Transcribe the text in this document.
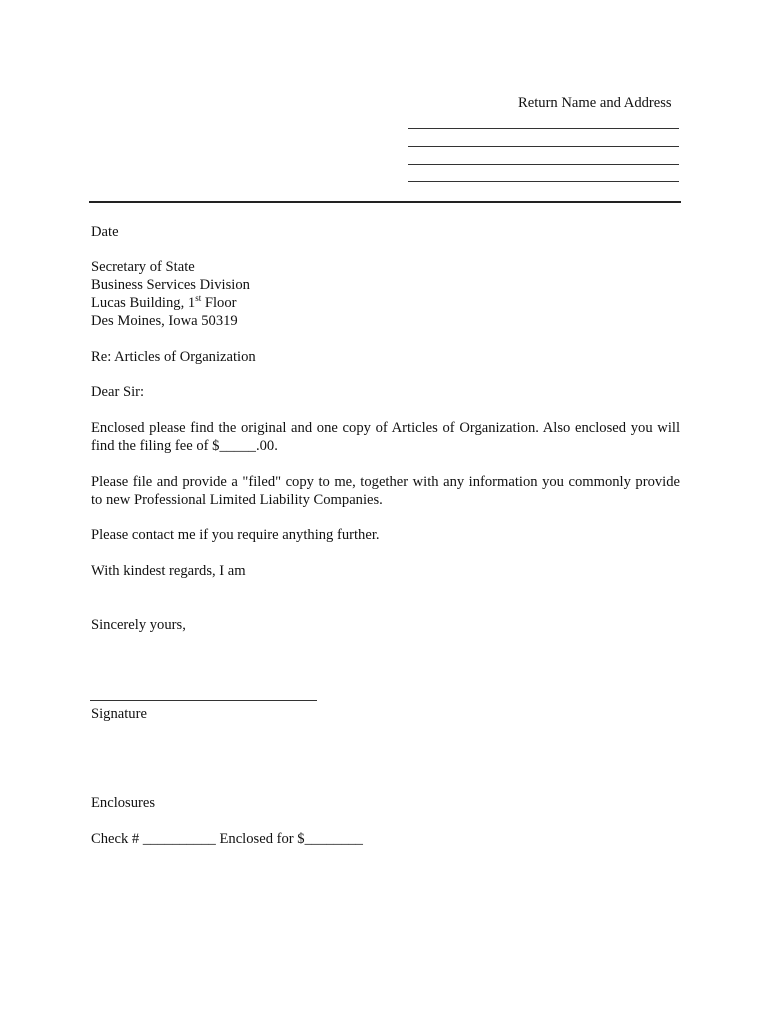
Return Name and Address
Date
Secretary of State
Business Services Division
Lucas Building, 1st Floor
Des Moines, Iowa 50319
Re: Articles of Organization
Dear Sir:
Enclosed please find the original and one copy of Articles of Organization. Also enclosed you will find the filing fee of $_____.00.
Please file and provide a "filed" copy to me, together with any information you commonly provide to new Professional Limited Liability Companies.
Please contact me if you require anything further.
With kindest regards, I am
Sincerely yours,
Signature
Enclosures
Check # __________ Enclosed for $________
